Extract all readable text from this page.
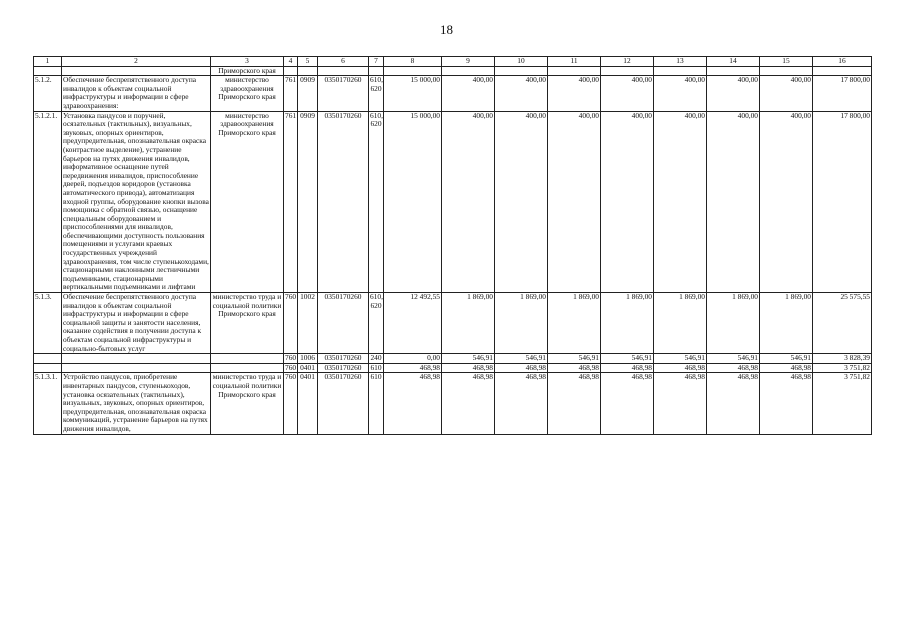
18
1	2	3	4	5	6	7	8	9	10	11	12	13	14	15	16
		Приморского края													
5.1.2.	Обеспечение беспрепятственного доступа инвалидов к объектам социальной инфраструктуры и информации в сфере здравоохранения:	министерство здравоохранения Приморского края	761	0909	0350170260	610, 620	15 000,00	400,00	400,00	400,00	400,00	400,00	400,00	400,00	17 800,00
5.1.2.1.	Установка пандусов и поручней, осязательных (тактильных), визуальных, звуковых, опорных ориентиров, предупредительная, опознавательная окраска (контрастное выделение), устранение барьеров на путях движения инвалидов, информативное оснащение путей передвижения инвалидов, приспособление дверей, подъездов коридоров (установка автоматического привода), автоматизация входной группы, оборудование кнопки вызова помощника с обратной связью, оснащение специальным оборудованием и приспособлениями для инвалидов, обеспечивающими доступность пользования помещениями и услугами краевых государственных учреждений здравоохранения, том числе ступенькоходами, стационарными наклонными лестничными подъемниками, стационарными вертикальными подъемниками и лифтами	министерство здравоохранения Приморского края	761	0909	0350170260	610, 620	15 000,00	400,00	400,00	400,00	400,00	400,00	400,00	400,00	17 800,00
5.1.3.	Обеспечение беспрепятственного доступа инвалидов к объектам социальной инфраструктуры и информации в сфере социальной защиты и занятости населения, оказание содействия в получении доступа к объектам социальной инфраструктуры и социально-бытовых услуг	министерство труда и социальной политики Приморского края	760	1002	0350170260	610, 620	12 492,55	1 869,00	1 869,00	1 869,00	1 869,00	1 869,00	1 869,00	1 869,00	25 575,55
			760	1006	0350170260	240	0,00	546,91	546,91	546,91	546,91	546,91	546,91	546,91	3 828,39
			760	0401	0350170260	610	468,98	468,98	468,98	468,98	468,98	468,98	468,98	468,98	3 751,82
5.1.3.1.	Устройство пандусов, приобретение инвентарных пандусов, ступенькоходов, установка осязательных (тактильных), визуальных, звуковых, опорных ориентиров, предупредительная, опознавательная окраска коммуникаций, устранение барьеров на путях движения инвалидов,	министерство труда и социальной политики Приморского края	760	0401	0350170260	610	468,98	468,98	468,98	468,98	468,98	468,98	468,98	468,98	3 751,82
